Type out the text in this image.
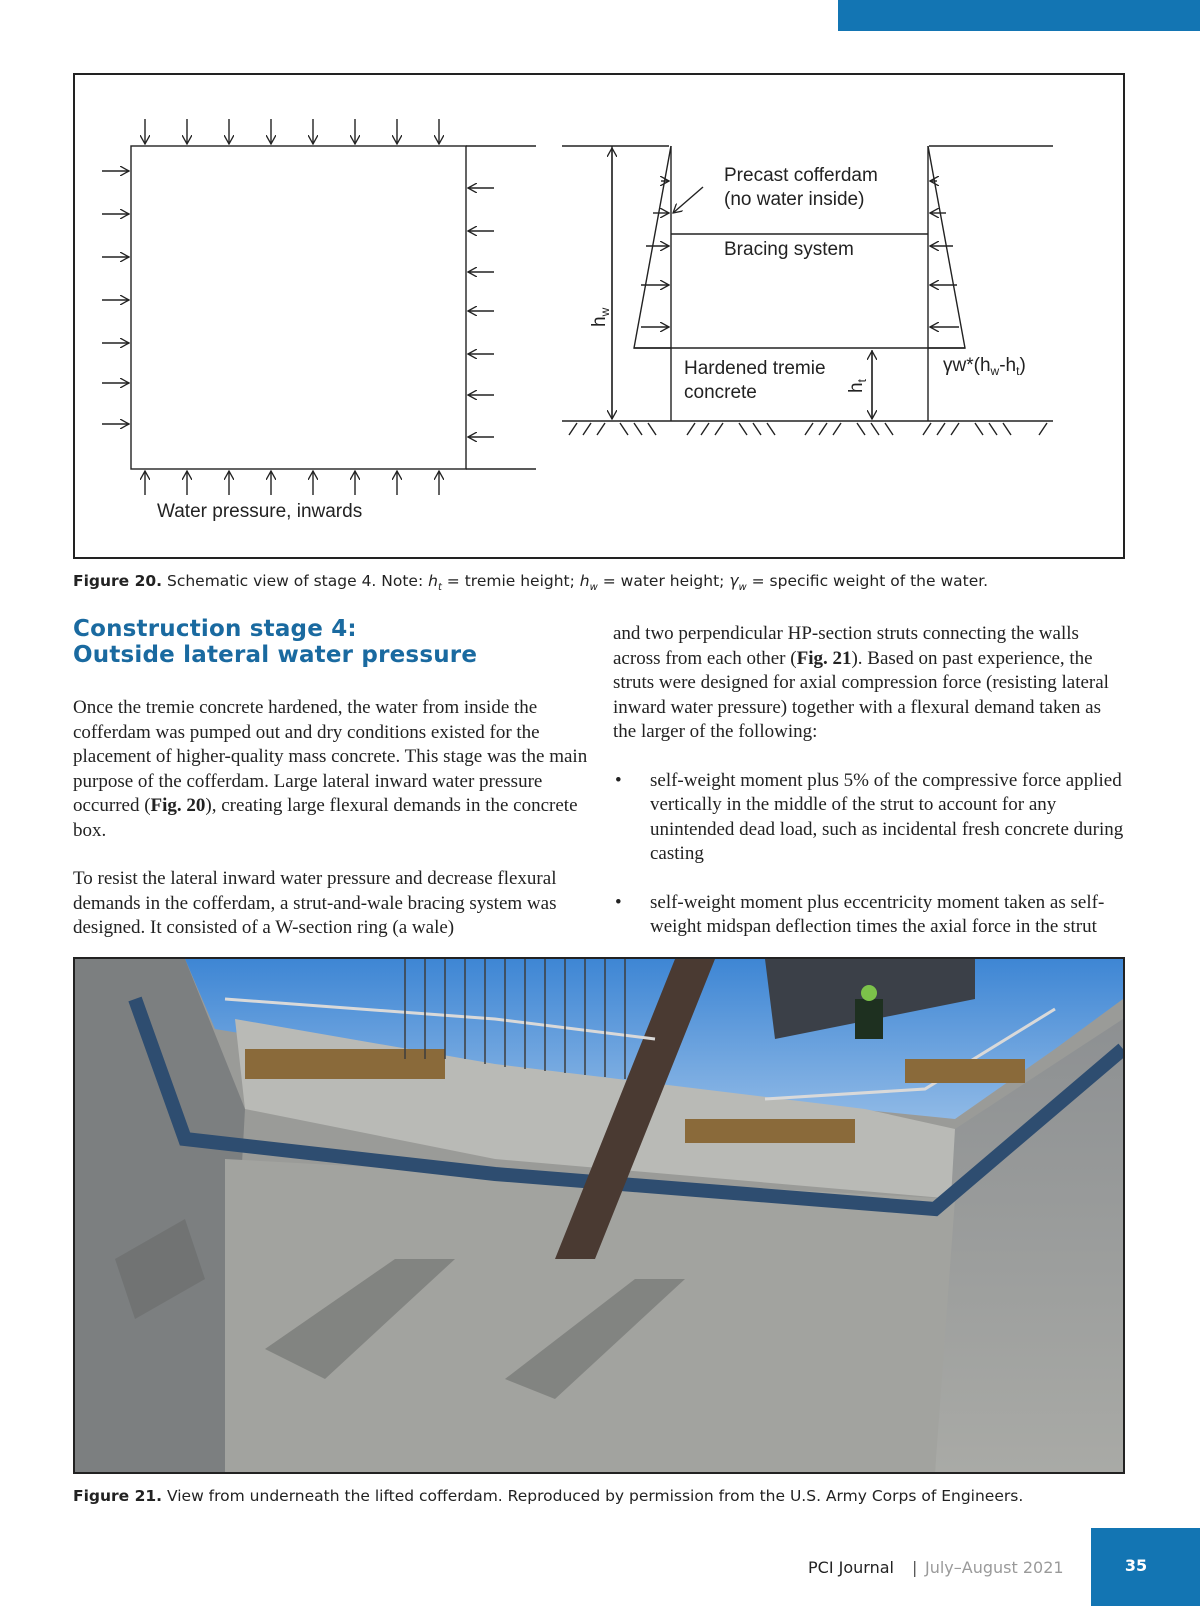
Water pressure, inwards
Precast cofferdam
(no water inside)
Bracing system
Hardened tremie
concrete
$h_w$
$h_t$
$\gamma w*(h_w-h_t)$
Figure 20. Schematic view of stage 4. Note: $h_t$ = tremie height; $h_w$ = water height; $\gamma_w$ = specific weight of the water.
Construction stage 4:
Outside lateral water pressure

Once the tremie concrete hardened, the water from inside the cofferdam was pumped out and dry conditions existed for the placement of higher-quality mass concrete. This stage was the main purpose of the cofferdam. Large lateral inward water pressure occurred (Fig. 20), creating large flexural demands in the concrete box.

To resist the lateral inward water pressure and decrease flexural demands in the cofferdam, a strut-and-wale bracing system was designed. It consisted of a W-section ring (a wale)

and two perpendicular HP-section struts connecting the walls across from each other (Fig. 21). Based on past experience, the struts were designed for axial compression force (resisting lateral inward water pressure) together with a flexural demand taken as the larger of the following:

• self-weight moment plus 5% of the compressive force applied vertically in the middle of the strut to account for any unintended dead load, such as incidental fresh concrete during casting
• self-weight moment plus eccentricity moment taken as self-weight midspan deflection times the axial force in the strut
Figure 21. View from underneath the lifted cofferdam. Reproduced by permission from the U.S. Army Corps of Engineers.
PCI Journal | July–August 2021	35
